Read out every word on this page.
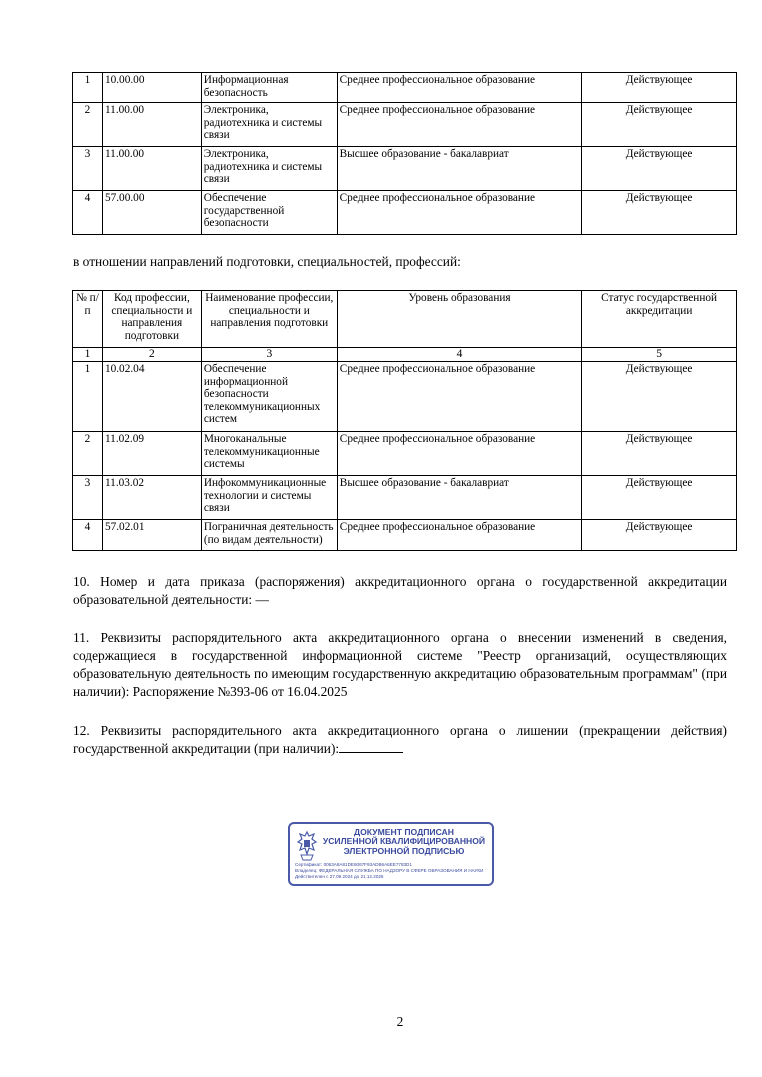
1	10.00.00	Информационная безопасность	Среднее профессиональное образование	Действующее
2	11.00.00	Электроника, радиотехника и системы связи	Среднее профессиональное образование	Действующее
3	11.00.00	Электроника, радиотехника и системы связи	Высшее образование - бакалавриат	Действующее
4	57.00.00	Обеспечение государственной безопасности	Среднее профессиональное образование	Действующее
в отношении направлений подготовки, специальностей, профессий:
№ п/п	Код профессии, специальности и направления подготовки	Наименование профессии, специальности и направления подготовки	Уровень образования	Статус государственной аккредитации
1	2	3	4	5
1	10.02.04	Обеспечение информационной безопасности телекоммуникационных систем	Среднее профессиональное образование	Действующее
2	11.02.09	Многоканальные телекоммуникационные системы	Среднее профессиональное образование	Действующее
3	11.03.02	Инфокоммуникационные технологии и системы связи	Высшее образование - бакалавриат	Действующее
4	57.02.01	Пограничная деятельность (по видам деятельности)	Среднее профессиональное образование	Действующее
10. Номер и дата приказа (распоряжения) аккредитационного органа о государственной аккредитации образовательной деятельности: —
11. Реквизиты распорядительного акта аккредитационного органа о внесении изменений в сведения, содержащиеся в государственной информационной системе "Реестр организаций, осуществляющих образовательную деятельность по имеющим государственную аккредитацию образовательным программам" (при наличии): Распоряжение №393-06 от 16.04.2025
12. Реквизиты распорядительного акта аккредитационного органа о лишении (прекращении действия) государственной аккредитации (при наличии):
ДОКУМЕНТ ПОДПИСАН
УСИЛЕННОЙ КВАЛИФИЦИРОВАННОЙ
ЭЛЕКТРОННОЙ ПОДПИСЬЮ
Сертификат: 0063A8A81DE6067F93ADB6A6EE7783D1
Владелец: ФЕДЕРАЛЬНАЯ СЛУЖБА ПО НАДЗОРУ В СФЕРЕ ОБРАЗОВАНИЯ И НАУКИ
Действителен с 27.09.2024 до 21.12.2025
2
